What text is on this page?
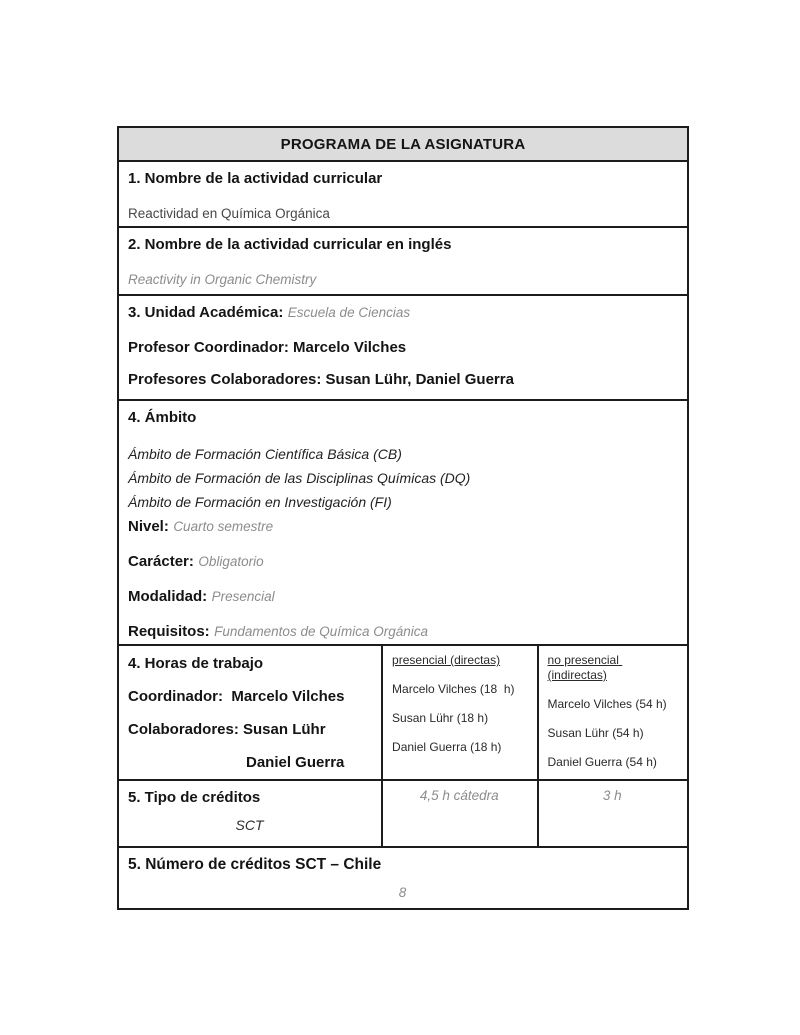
PROGRAMA DE LA ASIGNATURA
1. Nombre de la actividad curricular
Reactividad en Química Orgánica
2. Nombre de la actividad curricular en inglés
Reactivity in Organic Chemistry
3. Unidad Académica: Escuela de Ciencias
Profesor Coordinador: Marcelo Vilches
Profesores Colaboradores: Susan Lühr, Daniel Guerra
4. Ámbito
Ámbito de Formación Científica Básica (CB)
Ámbito de Formación de las Disciplinas Químicas (DQ)
Ámbito de Formación en Investigación (FI)
Nivel: Cuarto semestre
Carácter: Obligatorio
Modalidad: Presencial
Requisitos: Fundamentos de Química Orgánica
4. Horas de trabajo
Coordinador:  Marcelo Vilches
Colaboradores: Susan Lühr
Daniel Guerra
presencial (directas)
Marcelo Vilches (18  h)
Susan Lühr (18 h)
Daniel Guerra (18 h)
no presencial (indirectas)
Marcelo Vilches (54 h)
Susan Lühr (54 h)
Daniel Guerra (54 h)
5. Tipo de créditos
SCT
4,5 h cátedra	3 h
5. Número de créditos SCT – Chile
8
